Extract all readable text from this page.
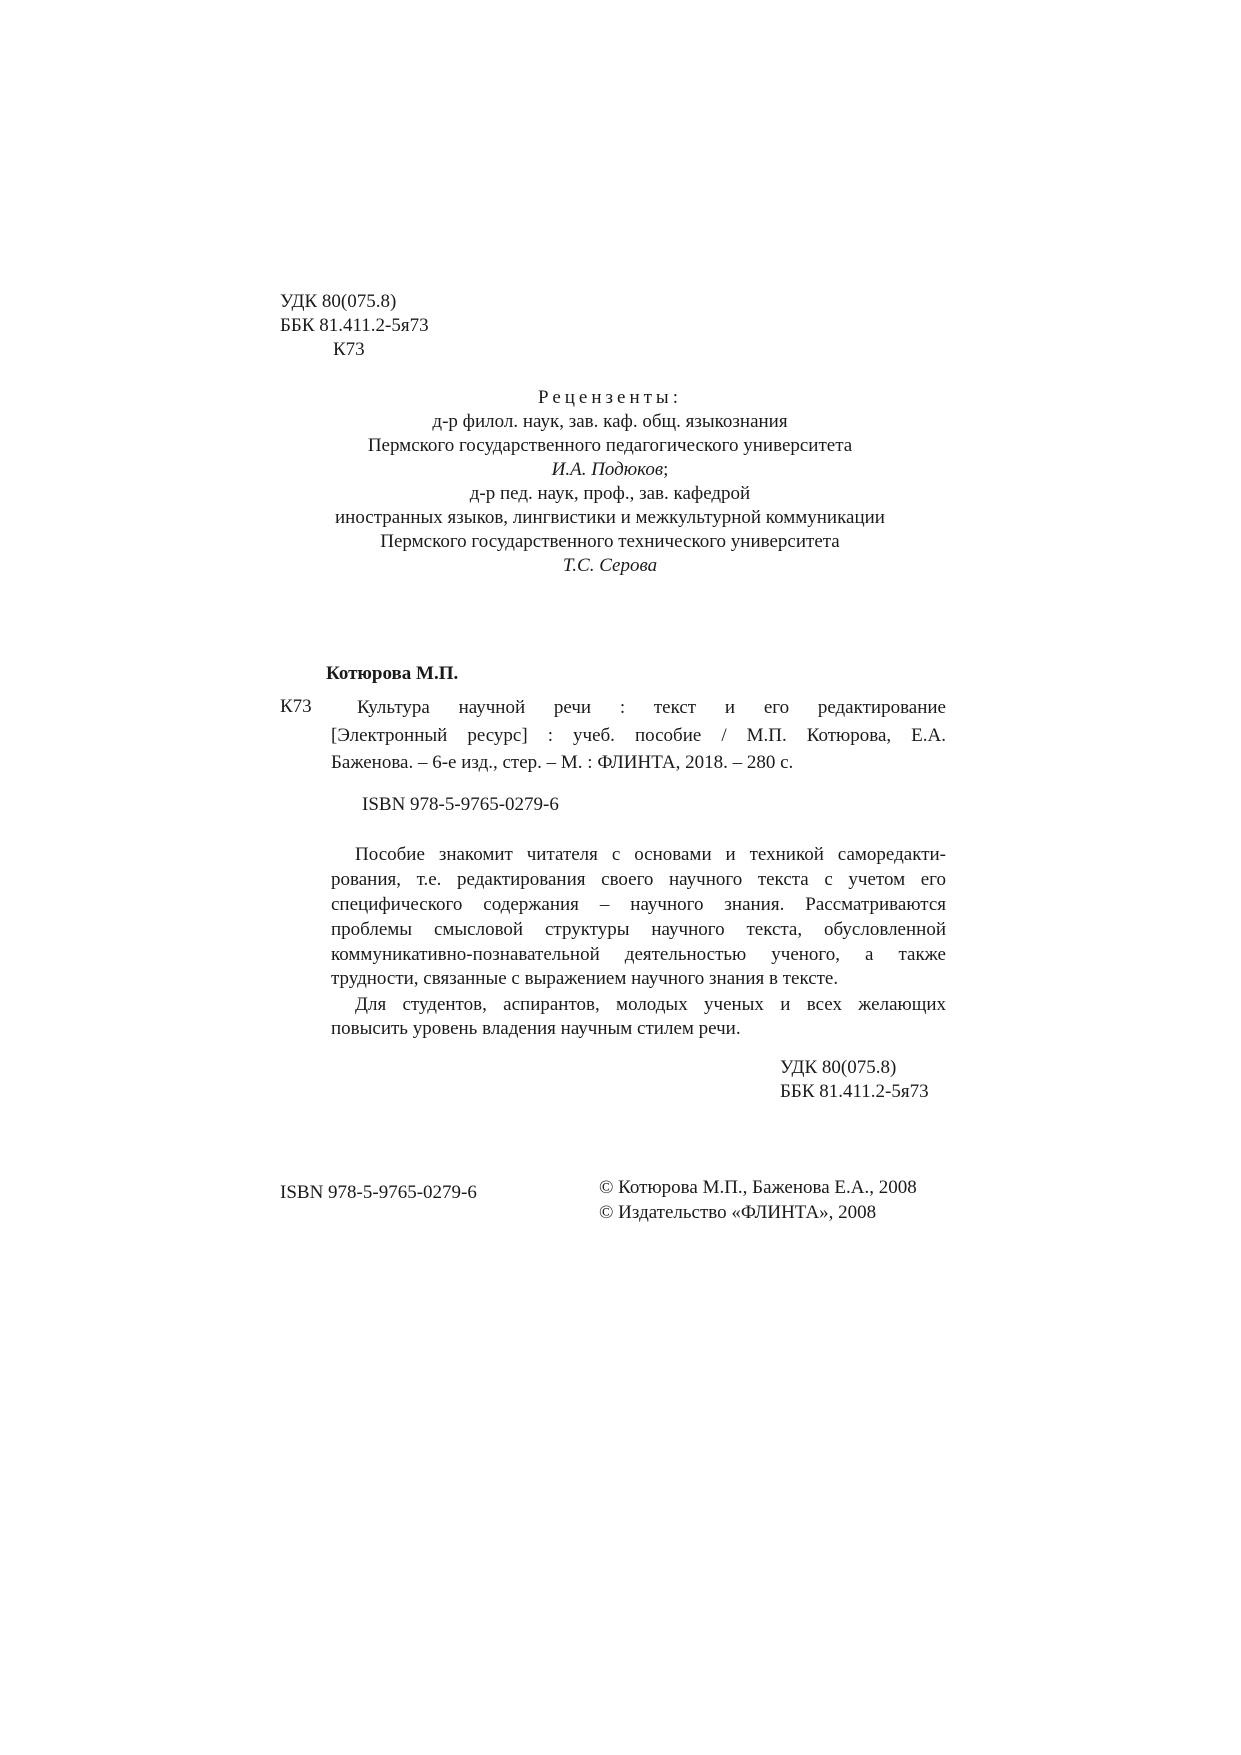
УДК 80(075.8)
ББК 81.411.2-5я73
К73
Рецензенты:
д-р филол. наук, зав. каф. общ. языкознания
Пермского государственного педагогического университета
И.А. Подюков;
д-р пед. наук, проф., зав. кафедрой
иностранных языков, лингвистики и межкультурной коммуникации
Пермского государственного технического университета
Т.С. Серова
Котюрова М.П.
К73 Культура научной речи : текст и его редактирование
[Электронный ресурс] : учеб. пособие / М.П. Котюрова, Е.А.
Баженова. – 6-е изд., стер. – М. : ФЛИНТА, 2018. – 280 с.
ISBN 978-5-9765-0279-6
Пособие знакомит читателя с основами и техникой саморедакти-
рования, т.е. редактирования своего научного текста с учетом его
специфического содержания – научного знания. Рассматриваются
проблемы смысловой структуры научного текста, обусловленной
коммуникативно-познавательной деятельностью ученого, а также
трудности, связанные с выражением научного знания в тексте.
Для студентов, аспирантов, молодых ученых и всех желающих
повысить уровень владения научным стилем речи.
УДК 80(075.8)
ББК 81.411.2-5я73
ISBN 978-5-9765-0279-6	© Котюрова М.П., Баженова Е.А., 2008
© Издательство «ФЛИНТА», 2008
